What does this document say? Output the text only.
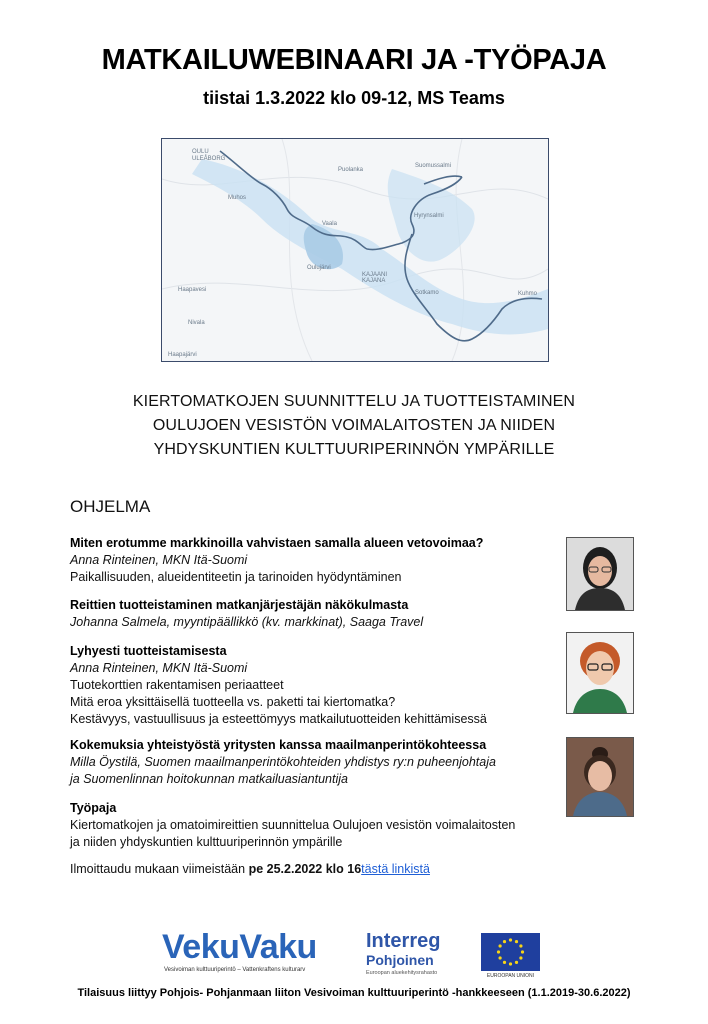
MATKAILUWEBINAARI JA -TYÖPAJA
tiistai 1.3.2022 klo 09-12, MS Teams
OULU
ULEÅBORG
Muhos
Puolanka
Suomussalmi
Hyrynsalmi
Vaala
Oulujärvi
KAJAANI
KAJANA
Sotkamo	Kuhmo
Haapavesi
Nivala
Haapajärvi
KIERTOMATKOJEN SUUNNITTELU JA TUOTTEISTAMINEN
OULUJOEN VESISTÖN VOIMALAITOSTEN JA NIIDEN
YHDYSKUNTIEN KULTTUURIPERINNÖN YMPÄRILLE
OHJELMA
Miten erotumme markkinoilla vahvistaen samalla alueen vetovoimaa?
Anna Rinteinen, MKN Itä-Suomi
Paikallisuuden, alueidentiteetin ja tarinoiden hyödyntäminen
Reittien tuotteistaminen matkanjärjestäjän näkökulmasta
Johanna Salmela, myyntipäällikkö (kv. markkinat), Saaga Travel
Lyhyesti tuotteistamisesta
Anna Rinteinen, MKN Itä-Suomi
Tuotekorttien rakentamisen periaatteet
Mitä eroa yksittäisellä tuotteella vs. paketti tai kiertomatka?
Kestävyys, vastuullisuus ja esteettömyys matkailutuotteiden kehittämisessä
Kokemuksia yhteistyöstä yritysten kanssa maailmanperintökohteessa
Milla Öystilä, Suomen maailmanperintökohteiden yhdistys ry:n puheenjohtaja
ja Suomenlinnan hoitokunnan matkailuasiantuntija
Työpaja
Kiertomatkojen ja omatoimireittien suunnittelua Oulujoen vesistön voimalaitosten
ja niiden yhdyskuntien kulttuuriperinnön ympärille
Ilmoittaudu mukaan viimeistään pe 25.2.2022 klo 16tästä linkistä
VekuVaku
Vesivoiman kulttuuriperintö – Vattenkraftens kulturarv
Interreg
Pohjoinen
Euroopan aluekehitysrahasto	EUROOPAN UNIONI
Tilaisuus liittyy Pohjois- Pohjanmaan liiton Vesivoiman kulttuuriperintö -hankkeeseen (1.1.2019-30.6.2022)
